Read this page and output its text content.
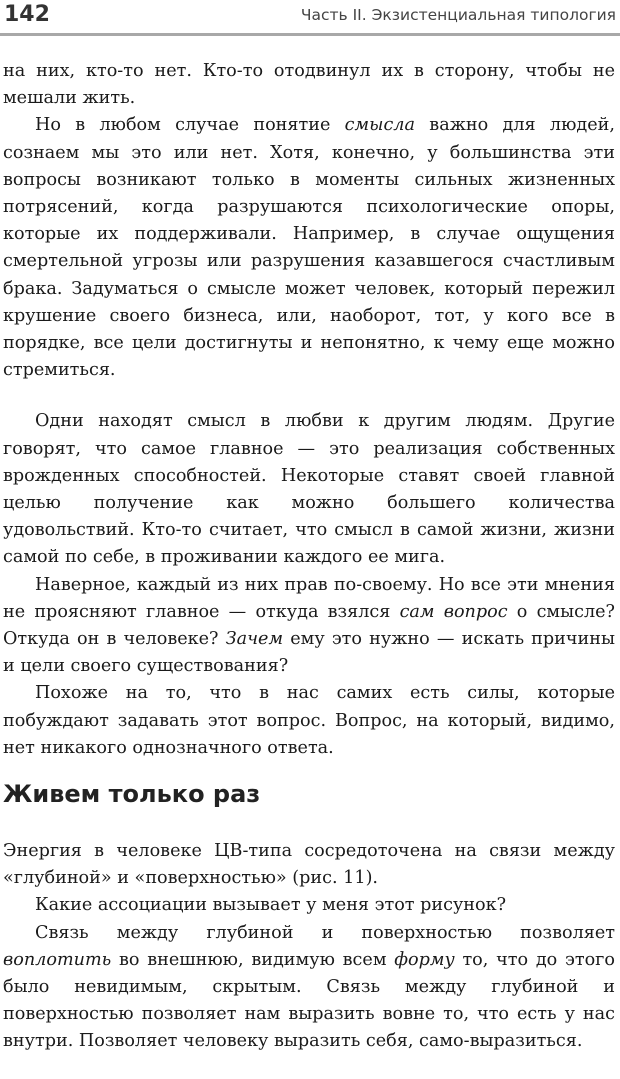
142	Часть II. Экзистенциальная типология

на них, кто-то нет. Кто-то отодвинул их в сторону, чтобы не мешали жить.

Но в любом случае понятие смысла важно для людей, сознаем мы это или нет. Хотя, конечно, у большинства эти вопросы возникают только в моменты сильных жизненных потрясений, когда разрушаются психологические опоры, которые их поддерживали. Например, в случае ощущения смертельной угрозы или разрушения казавшегося счастливым брака. Задуматься о смысле может человек, который пережил крушение своего бизнеса, или, наоборот, тот, у кого все в порядке, все цели достигнуты и непонятно, к чему еще можно стремиться.

Одни находят смысл в любви к другим людям. Другие говорят, что самое главное — это реализация собственных врожденных способностей. Некоторые ставят своей главной целью получение как можно большего количества удовольствий. Кто-то считает, что смысл в самой жизни, жизни самой по себе, в проживании каждого ее мига.

Наверное, каждый из них прав по-своему. Но все эти мнения не проясняют главное — откуда взялся сам вопрос о смысле? Откуда он в человеке? Зачем ему это нужно — искать причины и цели своего существования?

Похоже на то, что в нас самих есть силы, которые побуждают задавать этот вопрос. Вопрос, на который, видимо, нет никакого однозначного ответа.

Живем только раз

Энергия в человеке ЦВ-типа сосредоточена на связи между «глубиной» и «поверхностью» (рис. 11).

Какие ассоциации вызывает у меня этот рисунок?

Связь между глубиной и поверхностью позволяет воплотить во внешнюю, видимую всем форму то, что до этого было невидимым, скрытым. Связь между глубиной и поверхностью позволяет нам выразить вовне то, что есть у нас внутри. Позволяет человеку выразить себя, само-выразиться.
